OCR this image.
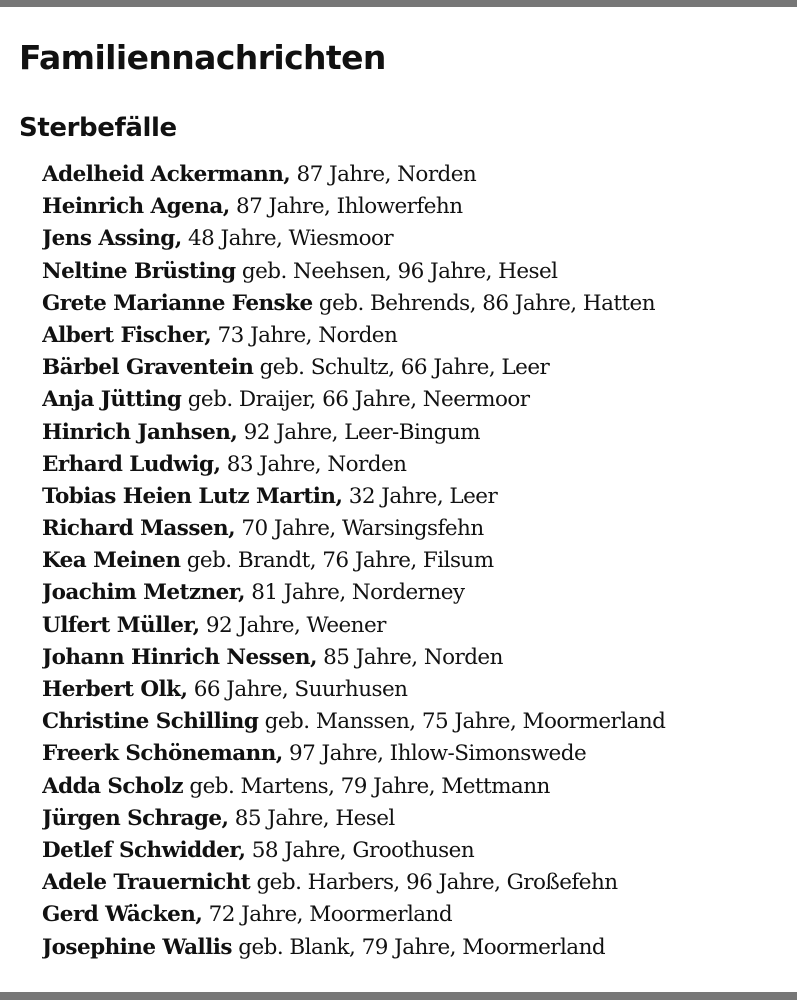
Familiennachrichten
Sterbefälle
Adelheid Ackermann, 87 Jahre, Norden
Heinrich Agena, 87 Jahre, Ihlowerfehn
Jens Assing, 48 Jahre, Wiesmoor
Neltine Brüsting geb. Neehsen, 96 Jahre, Hesel
Grete Marianne Fenske geb. Behrends, 86 Jahre, Hatten
Albert Fischer, 73 Jahre, Norden
Bärbel Graventein geb. Schultz, 66 Jahre, Leer
Anja Jütting geb. Draijer, 66 Jahre, Neermoor
Hinrich Janhsen, 92 Jahre, Leer-Bingum
Erhard Ludwig, 83 Jahre, Norden
Tobias Heien Lutz Martin, 32 Jahre, Leer
Richard Massen, 70 Jahre, Warsingsfehn
Kea Meinen geb. Brandt, 76 Jahre, Filsum
Joachim Metzner, 81 Jahre, Norderney
Ulfert Müller, 92 Jahre, Weener
Johann Hinrich Nessen, 85 Jahre, Norden
Herbert Olk, 66 Jahre, Suurhusen
Christine Schilling geb. Manssen, 75 Jahre, Moormerland
Freerk Schönemann, 97 Jahre, Ihlow-Simonswede
Adda Scholz geb. Martens, 79 Jahre, Mettmann
Jürgen Schrage, 85 Jahre, Hesel
Detlef Schwidder, 58 Jahre, Groothusen
Adele Trauernicht geb. Harbers, 96 Jahre, Großefehn
Gerd Wäcken, 72 Jahre, Moormerland
Josephine Wallis geb. Blank, 79 Jahre, Moormerland
